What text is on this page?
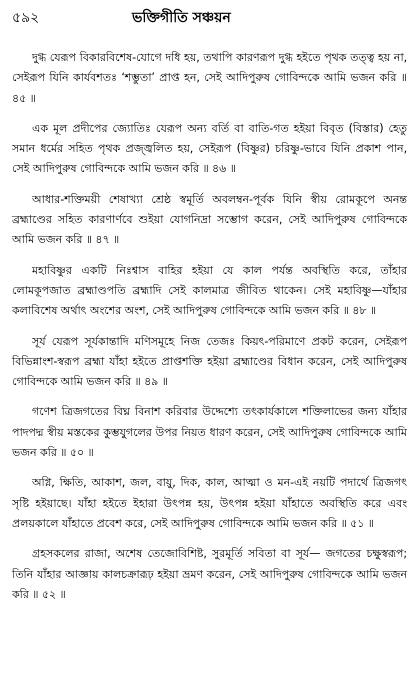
৫৯২	ভক্তিগীতি সঞ্চয়ন

দুগ্ধ যেরূপ বিকারবিশেষ-যোগে দধি হয়, তথাপি কারণরূপ দুগ্ধ হইতে পৃথক তত্ত্ব হয় না, সেইরূপ যিনি কার্যবশতঃ ‘শম্ভুতা’ প্রাপ্ত হন, সেই আদিপুরুষ গোবিন্দকে আমি ভজন করি ॥ ৪৫ ॥

এক মূল প্রদীপের জ্যোতিঃ যেরূপ অন্য বর্তি বা বাতি-গত হইয়া বিবৃত (বিস্তার) হেতু সমান ধর্মের সহিত পৃথক প্রজ্জ্বলিত হয়, সেইরূপ (বিষ্ণুর) চরিষ্ণু-ভাবে যিনি প্রকাশ পান, সেই আদিপুরুষ গোবিন্দকে আমি ভজন করি ॥ ৪৬ ॥

আধার-শক্তিময়ী শেষাখ্যা শ্রেষ্ঠ স্বমূর্তি অবলম্বন-পূর্বক যিনি স্বীয় রোমকূপে অনন্ত ব্রহ্মাণ্ডের সহিত কারণার্ণবে শুইয়া যোগনিদ্রা সম্ভোগ করেন, সেই আদিপুরুষ গোবিন্দকে আমি ভজন করি ॥ ৪৭ ॥

মহাবিষ্ণুর একটি নিঃশ্বাস বাহির হইয়া যে কাল পর্যন্ত অবস্থিতি করে, তাঁহার লোমকূপজাত ব্রহ্মাণ্ডপতি ব্রহ্মাদি সেই কালমাত্র জীবিত থাকেন। সেই মহাবিষ্ণু—যাঁহার কলাবিশেষ অর্থাৎ অংশের অংশ, সেই আদিপুরুষ গোবিন্দকে আমি ভজন করি ॥ ৪৮ ॥

সূর্য যেরূপ সূর্যকান্তাদি মণিসমূহে নিজ তেজঃ কিয়ৎ-পরিমাণে প্রকট করেন, সেইরূপ বিভিন্নাংশ-স্বরূপ ব্রহ্মা যাঁহা হইতে প্রাপ্তশক্তি হইয়া ব্রহ্মাণ্ডের বিধান করেন, সেই আদিপুরুষ গোবিন্দকে আমি ভজন করি ॥ ৪৯ ॥

গণেশ ত্রিজগতের বিঘ্ন বিনাশ করিবার উদ্দেশ্যে তৎকার্যকালে শক্তিলাভের জন্য যাঁহার পাদপদ্ম স্বীয় মস্তকের কুম্ভযুগলের উপর নিয়ত ধারণ করেন, সেই আদিপুরুষ গোবিন্দকে আমি ভজন করি ॥ ৫০ ॥

অগ্নি, ক্ষিতি, আকাশ, জল, বায়ু, দিক, কাল, আত্মা ও মন-এই নয়টি পদার্থে ত্রিজগৎ সৃষ্টি হইয়াছে। যাঁহা হইতে ইহারা উৎপন্ন হয়, উৎপন্ন হইয়া যাঁহাতে অবস্থিতি করে এবং প্রলয়কালে যাঁহাতে প্রবেশ করে, সেই আদিপুরুষ গোবিন্দকে আমি ভজন করি ॥ ৫১ ॥

গ্রহসকলের রাজা, অশেষ তেজোবিশিষ্ট, সুরমূর্তি সবিতা বা সূর্য— জগতের চক্ষুস্বরূপ; তিনি যাঁহার আজ্ঞায় কালচক্রারূঢ় হইয়া ভ্রমণ করেন, সেই আদিপুরুষ গোবিন্দকে আমি ভজন করি ॥ ৫২ ॥
